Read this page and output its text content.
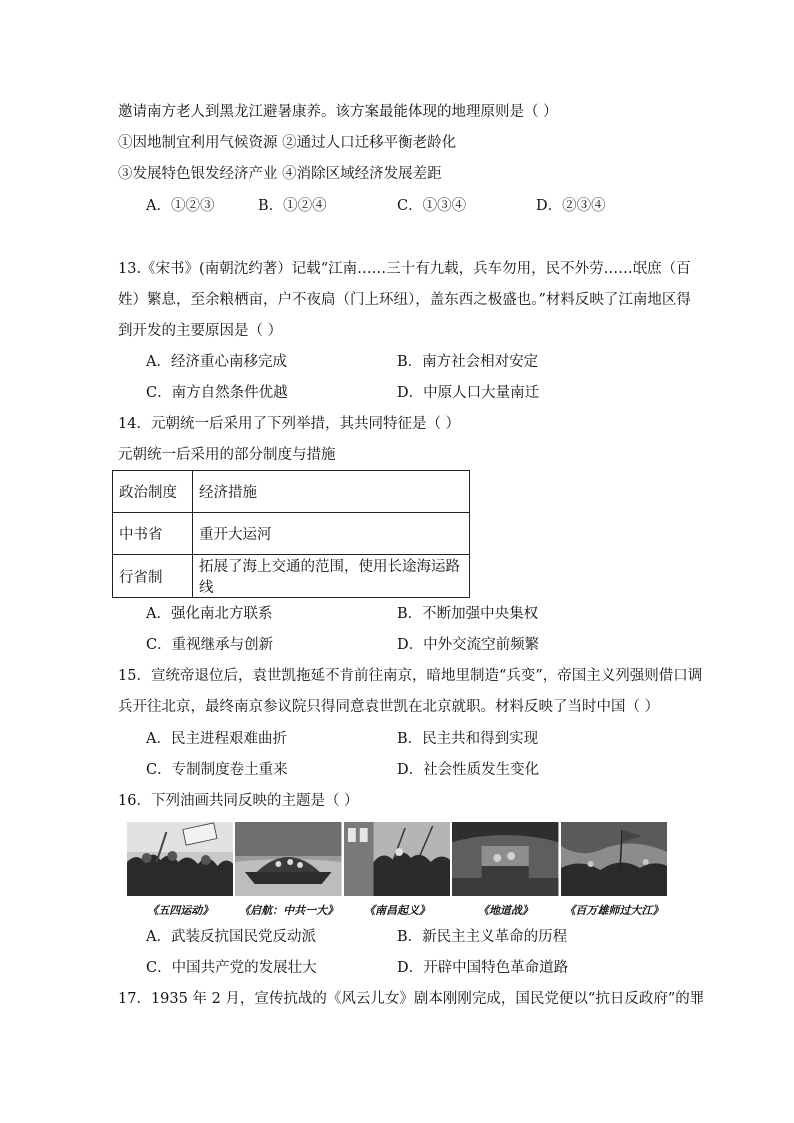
邀请南方老人到黑龙江避暑康养。该方案最能体现的地理原则是（ ）
①因地制宜利用气候资源 ②通过人口迁移平衡老龄化
③发展特色银发经济产业 ④消除区域经济发展差距
A．①②③	B．①②④	C．①③④	D．②③④
13.《宋书》(南朝沈约著）记载“江南……三十有九载，兵车勿用，民不外劳……氓庶（百
姓）繁息，至余粮栖亩，户不夜扃（门上环纽），盖东西之极盛也。”材料反映了江南地区得
到开发的主要原因是（ ）
A．经济重心南移完成	B．南方社会相对安定
C．南方自然条件优越	D．中原人口大量南迁
14．元朝统一后采用了下列举措，其共同特征是（ ）
元朝统一后采用的部分制度与措施
政治制度	经济措施
中书省	重开大运河
行省制	拓展了海上交通的范围，使用长途海运路线
A．强化南北方联系	B．不断加强中央集权
C．重视继承与创新	D．中外交流空前频繁
15．宣统帝退位后，袁世凯拖延不肯前往南京，暗地里制造“兵变”，帝国主义列强则借口调
兵开往北京，最终南京参议院只得同意袁世凯在北京就职。材料反映了当时中国（ ）
A．民主进程艰难曲折	B．民主共和得到实现
C．专制制度卷土重来	D．社会性质发生变化
16．下列油画共同反映的主题是（ ）
《五四运动》	《启航：中共一大》	《南昌起义》	《地道战》	《百万雄师过大江》
A．武装反抗国民党反动派	B．新民主主义革命的历程
C．中国共产党的发展壮大	D．开辟中国特色革命道路
17．1935 年 2 月，宣传抗战的《风云儿女》剧本刚刚完成，国民党便以“抗日反政府”的罪
